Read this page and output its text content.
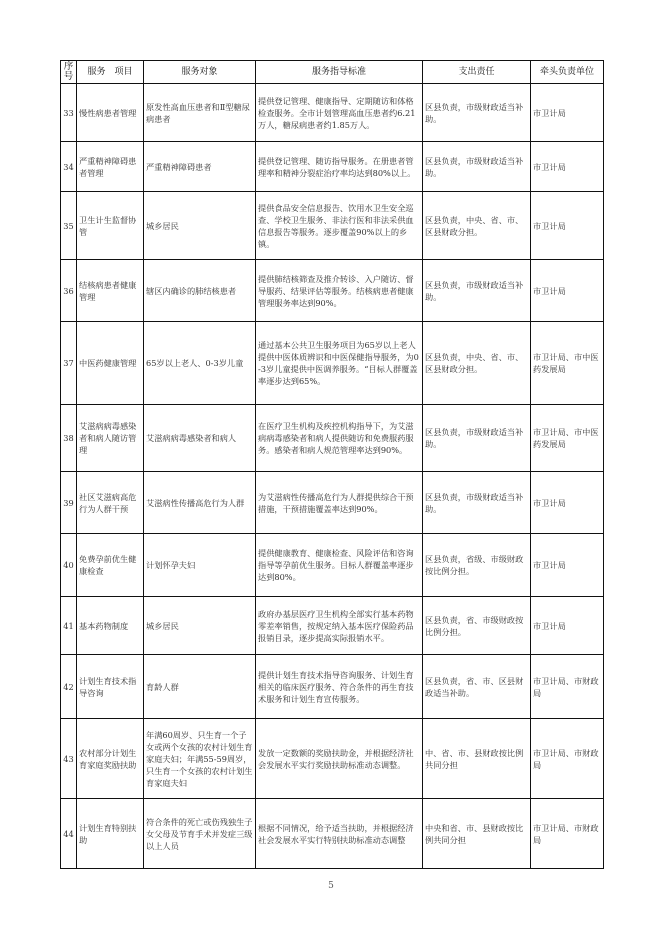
序号	服务　项目	服务对象	服务指导标准	支出责任	牵头负责单位
33	慢性病患者管理	原发性高血压患者和Ⅱ型糖尿病患者	提供登记管理、健康指导、定期随访和体格检查服务。全市计划管理高血压患者约6.21万人，糖尿病患者约1.85万人。	区县负责，市级财政适当补助。	市卫计局
34	严重精神障碍患者管理	严重精神障碍患者	提供登记管理、随访指导服务。在册患者管理率和精神分裂症治疗率均达到80%以上。	区县负责，市级财政适当补助。	市卫计局
35	卫生计生监督协管	城乡居民	提供食品安全信息报告、饮用水卫生安全巡查、学校卫生服务、非法行医和非法采供血信息报告等服务。逐步覆盖90%以上的乡镇。	区县负责，中央、省、市、区县财政分担。	市卫计局
36	结核病患者健康管理	辖区内确诊的肺结核患者	提供肺结核筛查及推介转诊、入户随访、督导服药、结果评估等服务。结核病患者健康管理服务率达到90%。	区县负责，市级财政适当补助。	市卫计局
37	中医药健康管理	65岁以上老人、0-3岁儿童	通过基本公共卫生服务项目为65岁以上老人提供中医体质辨识和中医保健指导服务，为0-3岁儿童提供中医调养服务。“目标人群覆盖率逐步达到65%。	区县负责，中央、省、市、区县财政分担。	市卫计局、市中医药发展局
38	艾滋病病毒感染者和病人随访管理	艾滋病病毒感染者和病人	在医疗卫生机构及疾控机构指导下，为艾滋病病毒感染者和病人提供随访和免费服药服务。感染者和病人规范管理率达到90%。	区县负责，市级财政适当补助。	市卫计局、市中医药发展局
39	社区艾滋病高危行为人群干预	艾滋病性传播高危行为人群	为艾滋病性传播高危行为人群提供综合干预措施，干预措施覆盖率达到90%。	区县负责，市级财政适当补助。	市卫计局
40	免费孕前优生健康检查	计划怀孕夫妇	提供健康教育、健康检查、风险评估和咨询指导等孕前优生服务。目标人群覆盖率逐步达到80%。	区县负责，省级、市级财政按比例分担。	市卫计局
41	基本药物制度	城乡居民	政府办基层医疗卫生机构全部实行基本药物零差率销售，按规定纳入基本医疗保险药品报销目录，逐步提高实际报销水平。	区县负责，省、市级财政按比例分担。	市卫计局
42	计划生育技术指导咨询	育龄人群	提供计划生育技术指导咨询服务、计划生育相关的临床医疗服务、符合条件的再生育技术服务和计划生育宣传服务。	区县负责，省、市、区县财政适当补助。	市卫计局、市财政局
43	农村部分计划生育家庭奖励扶助	年满60周岁、只生育一个子女或两个女孩的农村计划生育家庭夫妇；年满55-59周岁，只生育一个女孩的农村计划生育家庭夫妇	发放一定数额的奖励扶助金，并根据经济社会发展水平实行奖励扶助标准动态调整。	中、省、市、县财政按比例共同分担	市卫计局、市财政局
44	计划生育特别扶助	符合条件的死亡或伤残独生子女父母及节育手术并发症三级以上人员	根据不同情况，给予适当扶助，并根据经济社会发展水平实行特别扶助标准动态调整	中央和省、市、县财政按比例共同分担	市卫计局、市财政局
5
